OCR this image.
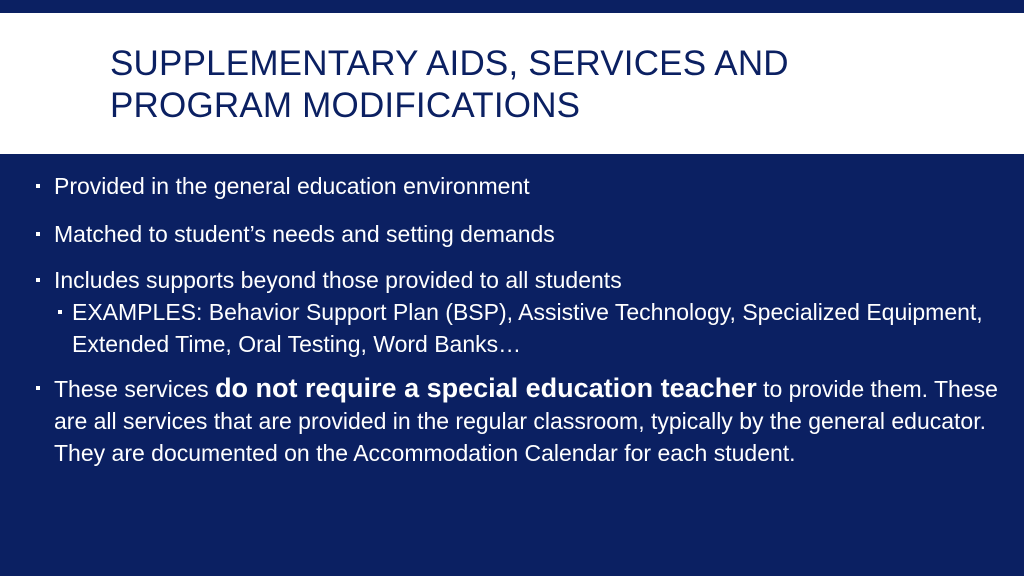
SUPPLEMENTARY AIDS, SERVICES AND
PROGRAM MODIFICATIONS
Provided in the general education environment
Matched to student’s needs and setting demands
Includes supports beyond those provided to all students
EXAMPLES: Behavior Support Plan (BSP), Assistive Technology, Specialized Equipment, Extended Time, Oral Testing, Word Banks…
These services do not require a special education teacher to provide them. These are all services that are provided in the regular classroom, typically by the general educator. They are documented on the Accommodation Calendar for each student.
